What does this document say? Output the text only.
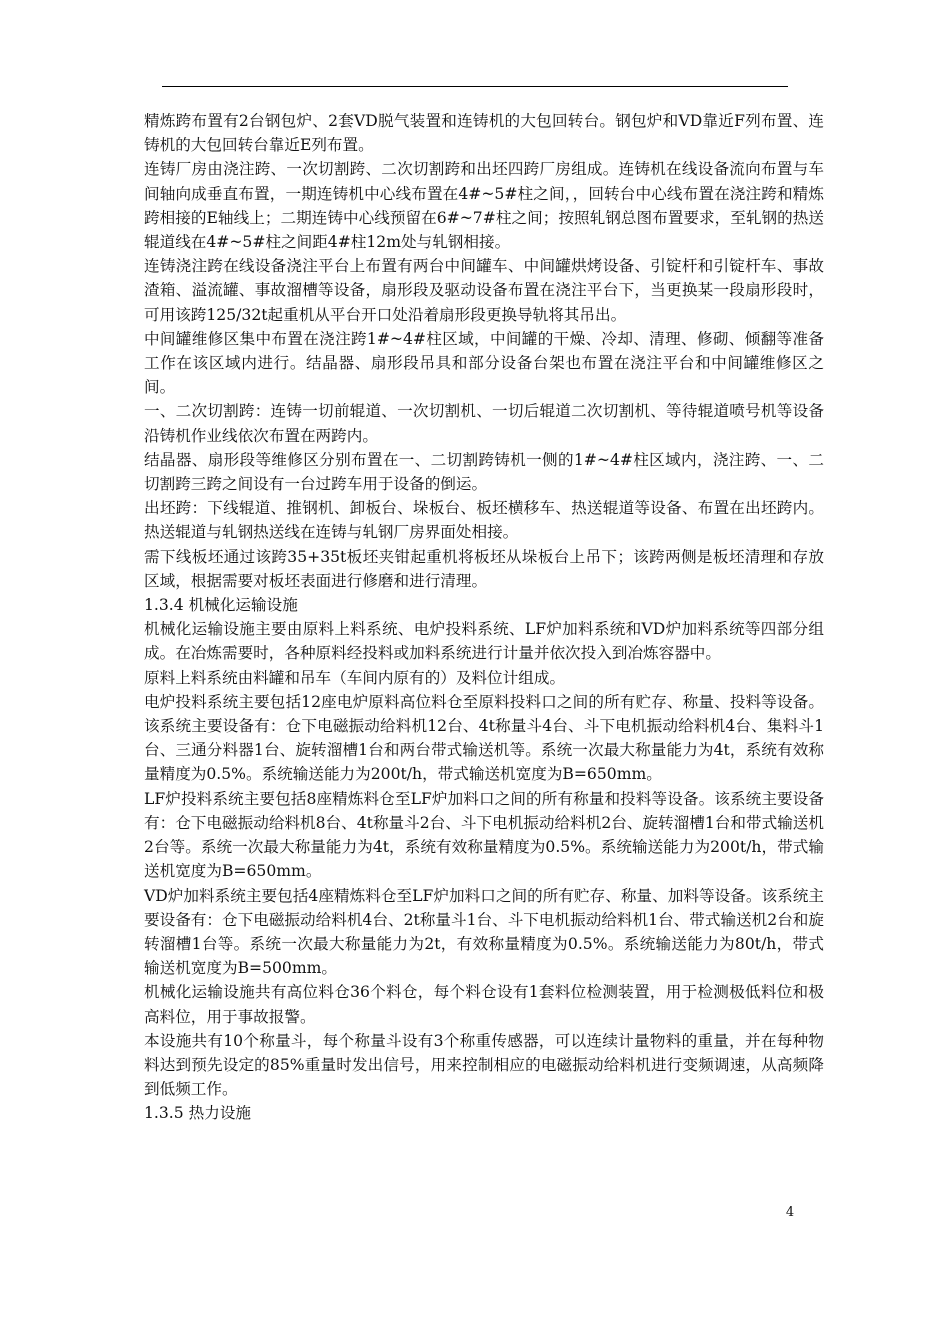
精炼跨布置有2台钢包炉、2套VD脱气装置和连铸机的大包回转台。钢包炉和VD靠近F列布置、连铸机的大包回转台靠近E列布置。

连铸厂房由浇注跨、一次切割跨、二次切割跨和出坯四跨厂房组成。连铸机在线设备流向布置与车间轴向成垂直布置，一期连铸机中心线布置在4#~5#柱之间，，回转台中心线布置在浇注跨和精炼跨相接的E轴线上；二期连铸中心线预留在6#~7#柱之间；按照轧钢总图布置要求，至轧钢的热送辊道线在4#~5#柱之间距4#柱12m处与轧钢相接。

连铸浇注跨在线设备浇注平台上布置有两台中间罐车、中间罐烘烤设备、引锭杆和引锭杆车、事故渣箱、溢流罐、事故溜槽等设备，扇形段及驱动设备布置在浇注平台下，当更换某一段扇形段时，可用该跨125/32t起重机从平台开口处沿着扇形段更换导轨将其吊出。

中间罐维修区集中布置在浇注跨1#~4#柱区域，中间罐的干燥、冷却、清理、修砌、倾翻等准备工作在该区域内进行。结晶器、扇形段吊具和部分设备台架也布置在浇注平台和中间罐维修区之间。

一、二次切割跨：连铸一切前辊道、一次切割机、一切后辊道二次切割机、等待辊道喷号机等设备沿铸机作业线依次布置在两跨内。

结晶器、扇形段等维修区分别布置在一、二切割跨铸机一侧的1#~4#柱区域内，浇注跨、一、二切割跨三跨之间设有一台过跨车用于设备的倒运。

出坯跨：下线辊道、推钢机、卸板台、垛板台、板坯横移车、热送辊道等设备、布置在出坯跨内。热送辊道与轧钢热送线在连铸与轧钢厂房界面处相接。

需下线板坯通过该跨35+35t板坯夹钳起重机将板坯从垛板台上吊下；该跨两侧是板坯清理和存放区域，根据需要对板坯表面进行修磨和进行清理。

1.3.4 机械化运输设施

机械化运输设施主要由原料上料系统、电炉投料系统、LF炉加料系统和VD炉加料系统等四部分组成。在冶炼需要时，各种原料经投料或加料系统进行计量并依次投入到冶炼容器中。

原料上料系统由料罐和吊车（车间内原有的）及料位计组成。

电炉投料系统主要包括12座电炉原料高位料仓至原料投料口之间的所有贮存、称量、投料等设备。该系统主要设备有：仓下电磁振动给料机12台、4t称量斗4台、斗下电机振动给料机4台、集料斗1台、三通分料器1台、旋转溜槽1台和两台带式输送机等。系统一次最大称量能力为4t，系统有效称量精度为0.5%。系统输送能力为200t/h，带式输送机宽度为B=650mm。

LF炉投料系统主要包括8座精炼料仓至LF炉加料口之间的所有称量和投料等设备。该系统主要设备有：仓下电磁振动给料机8台、4t称量斗2台、斗下电机振动给料机2台、旋转溜槽1台和带式输送机2台等。系统一次最大称量能力为4t，系统有效称量精度为0.5%。系统输送能力为200t/h，带式输送机宽度为B=650mm。

VD炉加料系统主要包括4座精炼料仓至LF炉加料口之间的所有贮存、称量、加料等设备。该系统主要设备有：仓下电磁振动给料机4台、2t称量斗1台、斗下电机振动给料机1台、带式输送机2台和旋转溜槽1台等。系统一次最大称量能力为2t，有效称量精度为0.5%。系统输送能力为80t/h，带式输送机宽度为B=500mm。

机械化运输设施共有高位料仓36个料仓，每个料仓设有1套料位检测装置，用于检测极低料位和极高料位，用于事故报警。

本设施共有10个称量斗，每个称量斗设有3个称重传感器，可以连续计量物料的重量，并在每种物料达到预先设定的85%重量时发出信号，用来控制相应的电磁振动给料机进行变频调速，从高频降到低频工作。

1.3.5 热力设施

4
